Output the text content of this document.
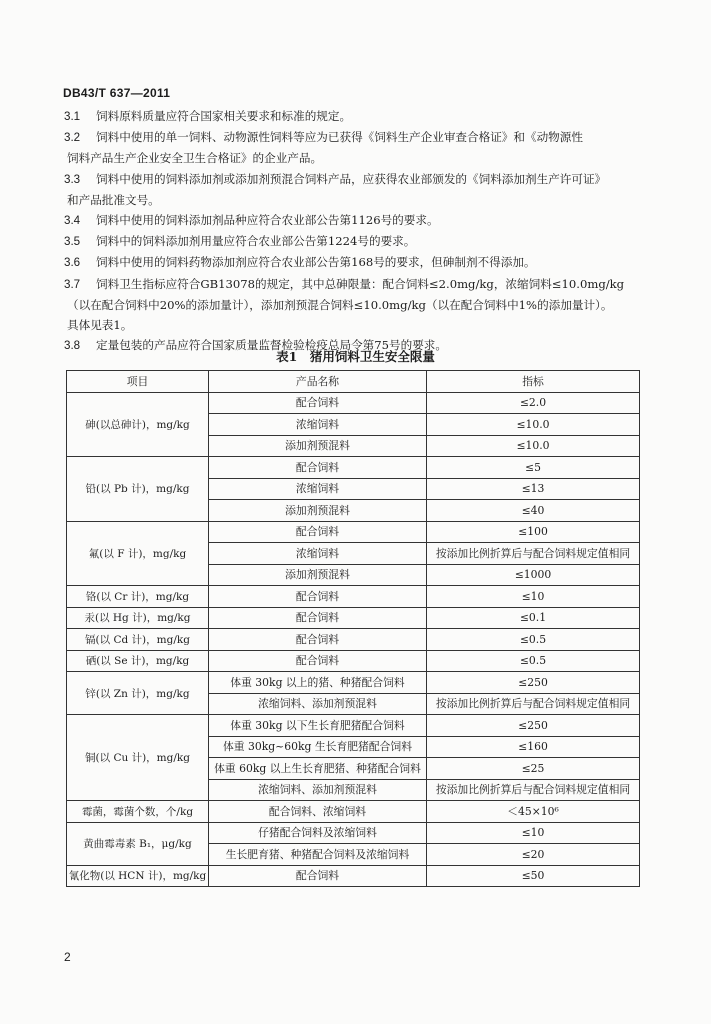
DB43/T 637—2011

3.1 饲料原料质量应符合国家相关要求和标准的规定。

3.2 饲料中使用的单一饲料、动物源性饲料等应为已获得《饲料生产企业审查合格证》和《动物源性

饲料产品生产企业安全卫生合格证》的企业产品。

3.3 饲料中使用的饲料添加剂或添加剂预混合饲料产品，应获得农业部颁发的《饲料添加剂生产许可证》

和产品批准文号。

3.4 饲料中使用的饲料添加剂品种应符合农业部公告第1126号的要求。

3.5 饲料中的饲料添加剂用量应符合农业部公告第1224号的要求。

3.6 饲料中使用的饲料药物添加剂应符合农业部公告第168号的要求，但砷制剂不得添加。

3.7 饲料卫生指标应符合GB13078的规定，其中总砷限量：配合饲料≤2.0mg/kg，浓缩饲料≤10.0mg/kg

（以在配合饲料中20%的添加量计），添加剂预混合饲料≤10.0mg/kg（以在配合饲料中1%的添加量计）。

具体见表1。

3.8 定量包装的产品应符合国家质量监督检验检疫总局令第75号的要求。

表1　猪用饲料卫生安全限量
项目	产品名称	指标
砷(以总砷计)，mg/kg	配合饲料	≤2.0
	浓缩饲料	≤10.0
	添加剂预混料	≤10.0
铅(以 Pb 计)，mg/kg	配合饲料	≤5
	浓缩饲料	≤13
	添加剂预混料	≤40
氟(以 F 计)，mg/kg	配合饲料	≤100
	浓缩饲料	按添加比例折算后与配合饲料规定值相同
	添加剂预混料	≤1000
铬(以 Cr 计)，mg/kg	配合饲料	≤10
汞(以 Hg 计)，mg/kg	配合饲料	≤0.1
镉(以 Cd 计)，mg/kg	配合饲料	≤0.5
硒(以 Se 计)，mg/kg	配合饲料	≤0.5
锌(以 Zn 计)，mg/kg	体重 30kg 以上的猪、种猪配合饲料	≤250
	浓缩饲料、添加剂预混料	按添加比例折算后与配合饲料规定值相同
铜(以 Cu 计)，mg/kg	体重 30kg 以下生长育肥猪配合饲料	≤250
	体重 30kg~60kg 生长育肥猪配合饲料	≤160
	体重 60kg 以上生长育肥猪、种猪配合饲料	≤25
	浓缩饲料、添加剂预混料	按添加比例折算后与配合饲料规定值相同
霉菌，霉菌个数，个/kg	配合饲料、浓缩饲料	＜45×10⁶
黄曲霉毒素 B₁，μg/kg	仔猪配合饲料及浓缩饲料	≤10
	生长肥育猪、种猪配合饲料及浓缩饲料	≤20
氰化物(以 HCN 计)，mg/kg	配合饲料	≤50
2
